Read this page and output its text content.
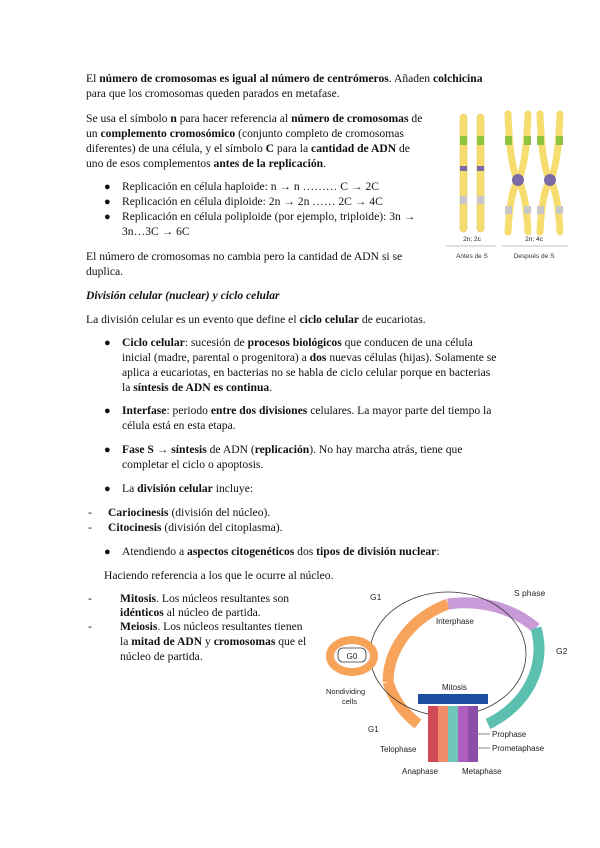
El número de cromosomas es igual al número de centrómeros. Añaden colchicina

para que los cromosomas queden parados en metafase.

Se usa el símbolo n para hacer referencia al número de cromosomas de

un complemento cromosómico (conjunto completo de cromosomas

diferentes) de una célula, y el símbolo C para la cantidad de ADN de

uno de esos complementos antes de la replicación.

● Replicación en célula haploide: n → n ……… C → 2C

● Replicación en célula diploide: 2n → 2n …… 2C → 4C

● Replicación en célula poliploide (por ejemplo, triploide): 3n →

3n…3C → 6C

El número de cromosomas no cambia pero la cantidad de ADN si se

duplica.

División celular (nuclear) y ciclo celular

La división celular es un evento que define el ciclo celular de eucariotas.

● Ciclo celular: sucesión de procesos biológicos que conducen de una célula

inicial (madre, parental o progenitora) a dos nuevas células (hijas). Solamente se

aplica a eucariotas, en bacterias no se habla de ciclo celular porque en bacterias

la síntesis de ADN es continua.

● Interfase: periodo entre dos divisiones celulares. La mayor parte del tiempo la

célula está en esta etapa.

● Fase S → síntesis de ADN (replicación). No hay marcha atrás, tiene que

completar el ciclo o apoptosis.

● La división celular incluye:

- Cariocinesis (división del núcleo).

- Citocinesis (división del citoplasma).

● Atendiendo a aspectos citogenéticos dos tipos de división nuclear:

Haciendo referencia a los que le ocurre al núcleo.

- Mitosis. Los núcleos resultantes son

idénticos al núcleo de partida.

- Meiosis. Los núcleos resultantes tienen

la mitad de ADN y cromosomas que el

núcleo de partida.

2n; 2c	2n; 4c
Antes de S	Después de S
Interphase
Mitosis
G0
G1	S phase
G2
Nondividing
cells
G1
Prophase
Prometaphase
Telophase
Anaphase	Metaphase
